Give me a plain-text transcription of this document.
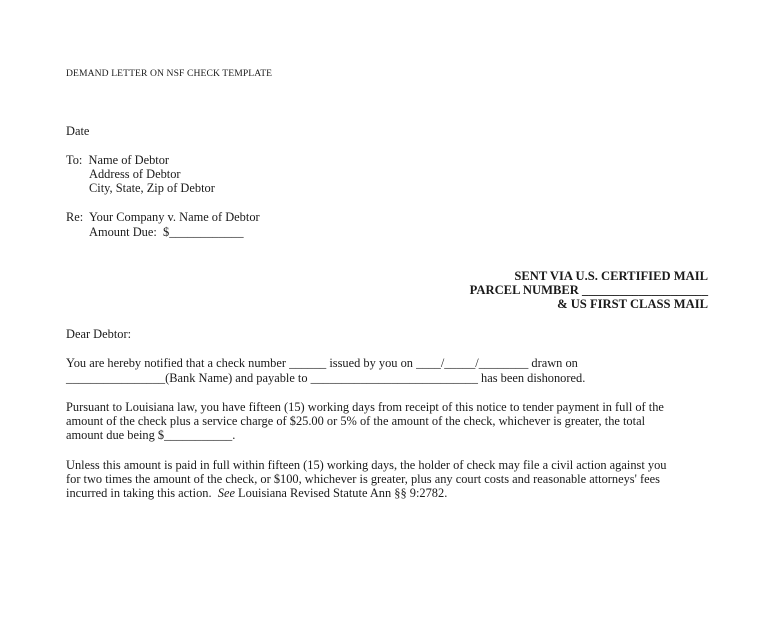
DEMAND LETTER ON NSF CHECK TEMPLATE
Date
To:  Name of Debtor
Address of Debtor
City, State, Zip of Debtor
Re:  Your Company v. Name of Debtor
Amount Due:  $____________
SENT VIA U.S. CERTIFIED MAIL
PARCEL NUMBER ____________________
& US FIRST CLASS MAIL
Dear Debtor:
You are hereby notified that a check number ______ issued by you on ____/_____/________ drawn on
________________(Bank Name) and payable to ___________________________ has been dishonored.
Pursuant to Louisiana law, you have fifteen (15) working days from receipt of this notice to tender payment in full of the
amount of the check plus a service charge of $25.00 or 5% of the amount of the check, whichever is greater, the total
amount due being $___________.
Unless this amount is paid in full within fifteen (15) working days, the holder of check may file a civil action against you
for two times the amount of the check, or $100, whichever is greater, plus any court costs and reasonable attorneys' fees
incurred in taking this action.  See Louisiana Revised Statute Ann §§ 9:2782.
